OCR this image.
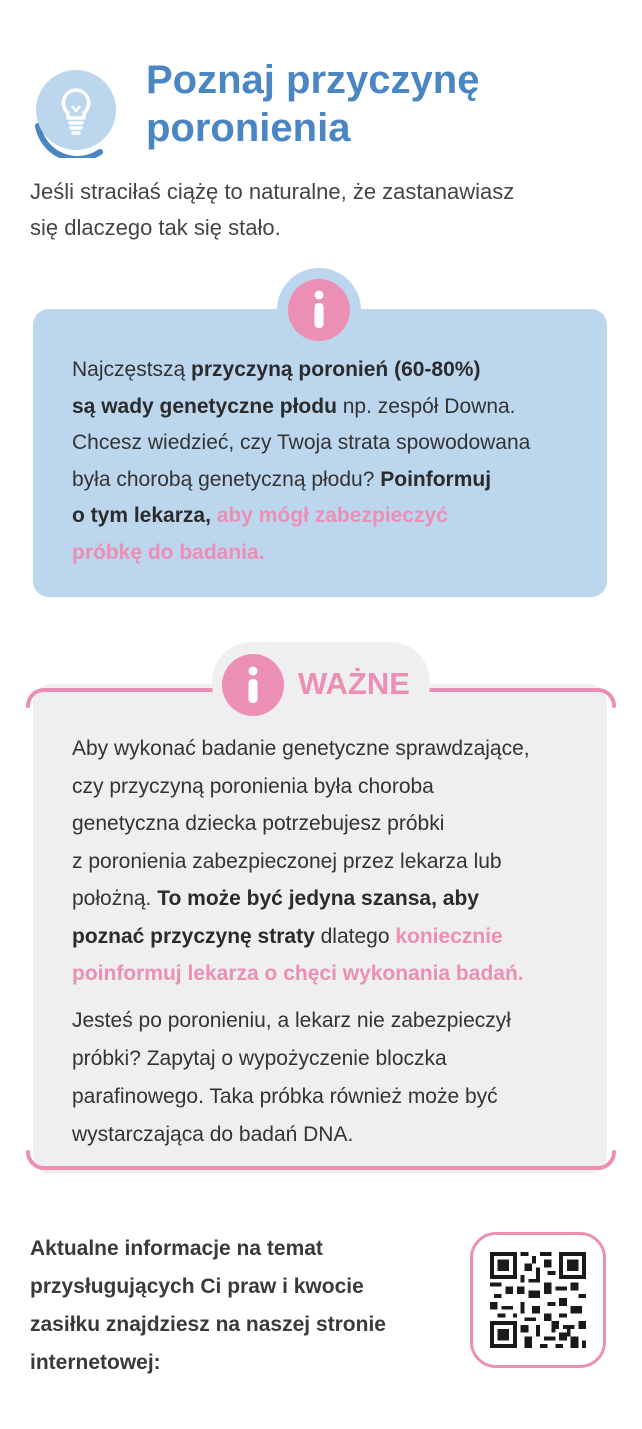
Poznaj przyczynę
poronienia

Jeśli straciłaś ciążę to naturalne, że zastanawiasz
się dlaczego tak się stało.

Najczęstszą przyczyną poronień (60-80%)
są wady genetyczne płodu np. zespół Downa.
Chcesz wiedzieć, czy Twoja strata spowodowana
była chorobą genetyczną płodu? Poinformuj
o tym lekarza, aby mógł zabezpieczyć
próbkę do badania.

WAŻNE

Aby wykonać badanie genetyczne sprawdzające,
czy przyczyną poronienia była choroba
genetyczna dziecka potrzebujesz próbki
z poronienia zabezpieczonej przez lekarza lub
położną. To może być jedyna szansa, aby
poznać przyczynę straty dlatego koniecznie
poinformuj lekarza o chęci wykonania badań.

Jesteś po poronieniu, a lekarz nie zabezpieczył
próbki? Zapytaj o wypożyczenie bloczka
parafinowego. Taka próbka również może być
wystarczająca do badań DNA.

Aktualne informacje na temat
przysługujących Ci praw i kwocie
zasiłku znajdziesz na naszej stronie
internetowej:
